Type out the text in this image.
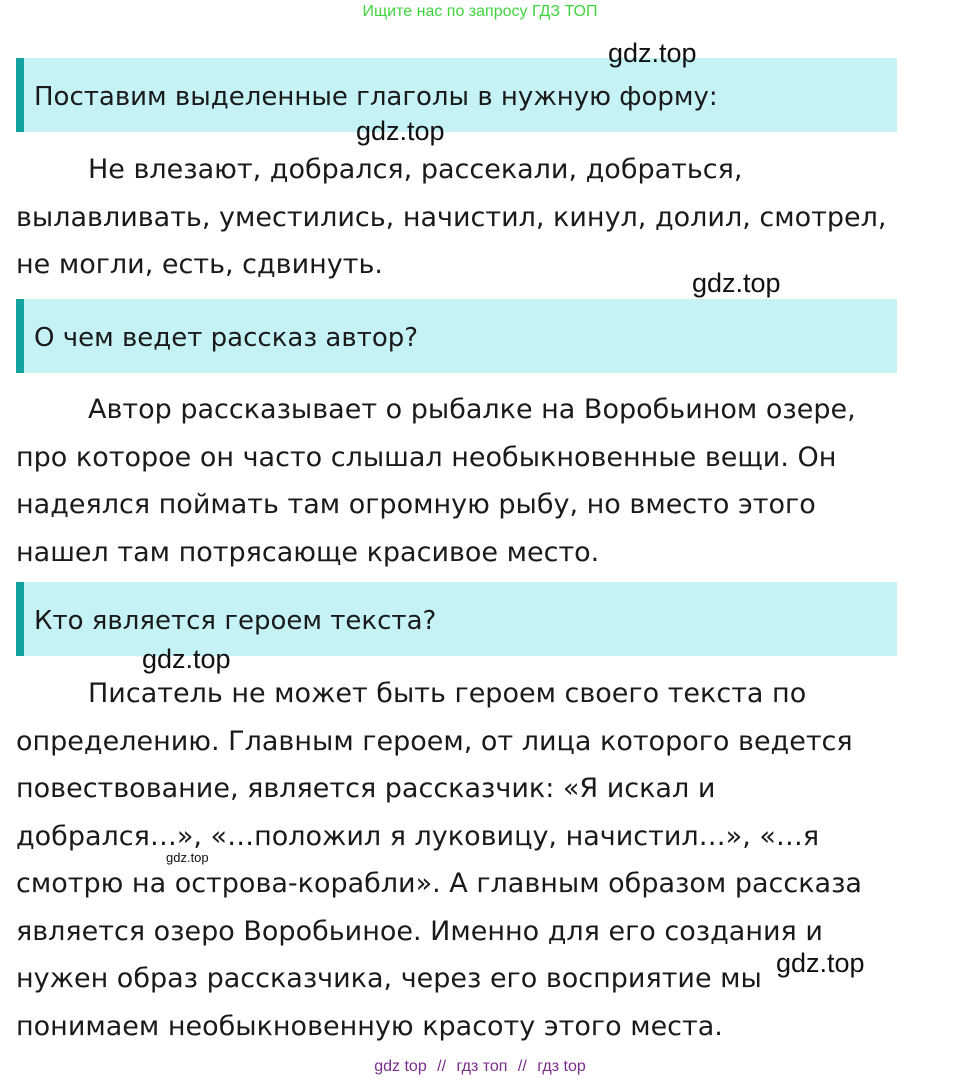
Ищите нас по запросу ГДЗ ТОП
Поставим выделенные глаголы в нужную форму:

Не влезают, добрался, рассекали, добраться, вылавливать, уместились, начистил, кинул, долил, смотрел, не могли, есть, сдвинуть.

О чем ведет рассказ автор?

Автор рассказывает о рыбалке на Воробьином озере, про которое он часто слышал необыкновенные вещи. Он надеялся поймать там огромную рыбу, но вместо этого нашел там потрясающе красивое место.

Кто является героем текста?

Писатель не может быть героем своего текста по определению. Главным героем, от лица которого ведется повествование, является рассказчик: «Я искал и добрался…», «…положил я луковицу, начистил…», «…я смотрю на острова-корабли». А главным образом рассказа является озеро Воробьиное. Именно для его создания и нужен образ рассказчика, через его восприятие мы понимаем необыкновенную красоту этого места.

gdz.top
gdz.top
gdz.top
gdz.top
gdz.top
gdz.top
gdz top // гдз топ // гдз top
